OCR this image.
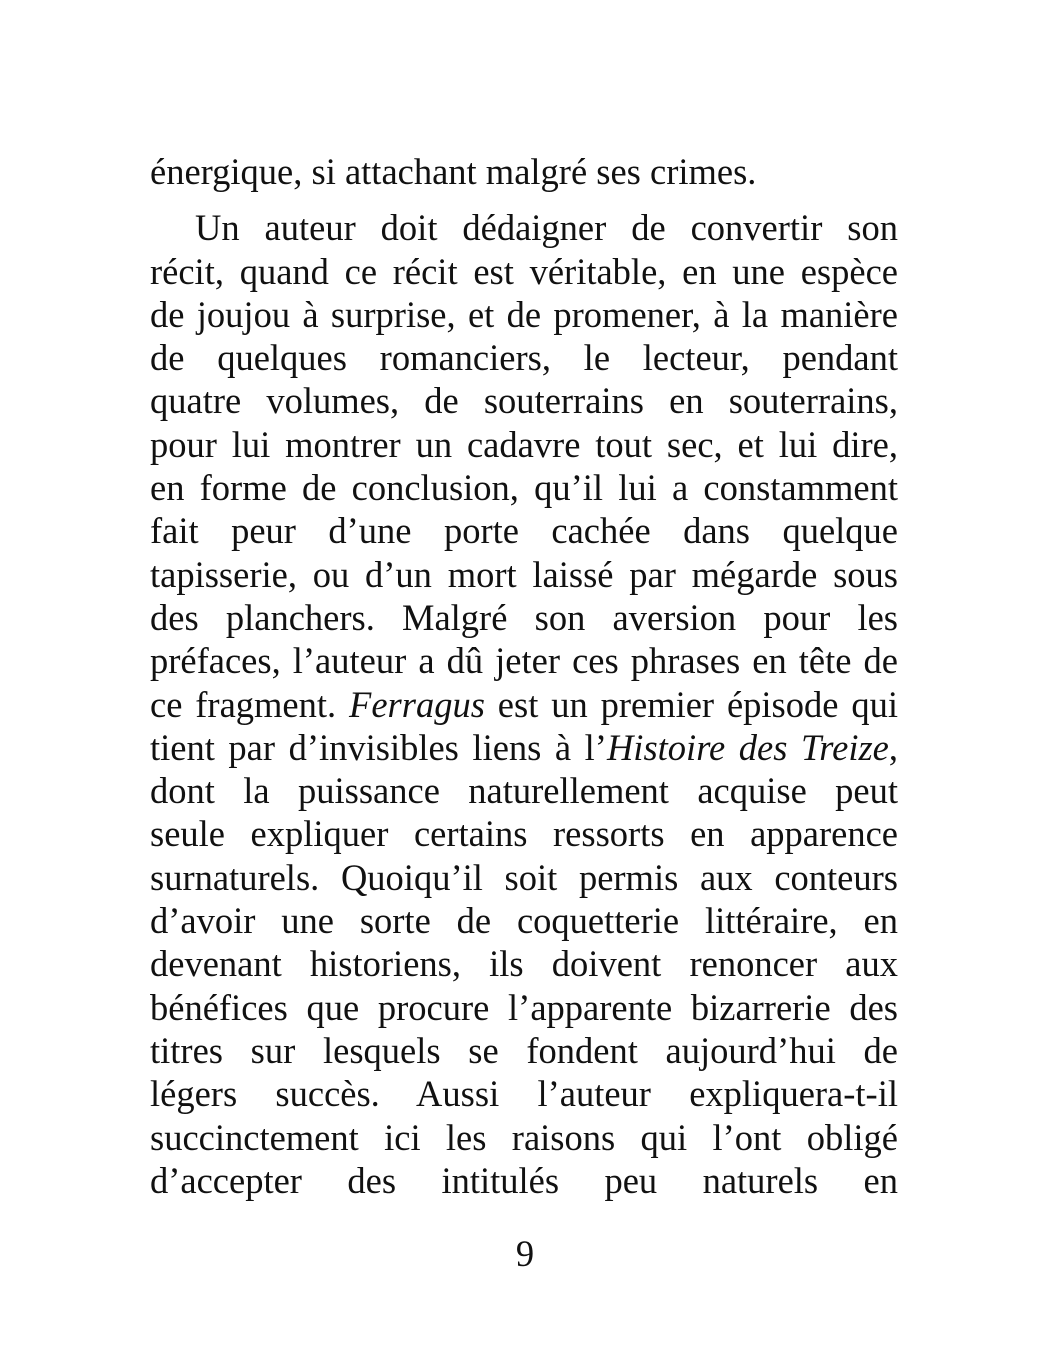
énergique, si attachant malgré ses crimes.
Un auteur doit dédaigner de convertir son
récit, quand ce récit est véritable, en une espèce
de joujou à surprise, et de promener, à la manière
de quelques romanciers, le lecteur, pendant
quatre volumes, de souterrains en souterrains,
pour lui montrer un cadavre tout sec, et lui dire,
en forme de conclusion, qu’il lui a constamment
fait peur d’une porte cachée dans quelque
tapisserie, ou d’un mort laissé par mégarde sous
des planchers. Malgré son aversion pour les
préfaces, l’auteur a dû jeter ces phrases en tête de
ce fragment. Ferragus est un premier épisode qui
tient par d’invisibles liens à l’Histoire des Treize,
dont la puissance naturellement acquise peut
seule expliquer certains ressorts en apparence
surnaturels. Quoiqu’il soit permis aux conteurs
d’avoir une sorte de coquetterie littéraire, en
devenant historiens, ils doivent renoncer aux
bénéfices que procure l’apparente bizarrerie des
titres sur lesquels se fondent aujourd’hui de
légers succès. Aussi l’auteur expliquera-t-il
succinctement ici les raisons qui l’ont obligé
d’accepter des intitulés peu naturels en
9
